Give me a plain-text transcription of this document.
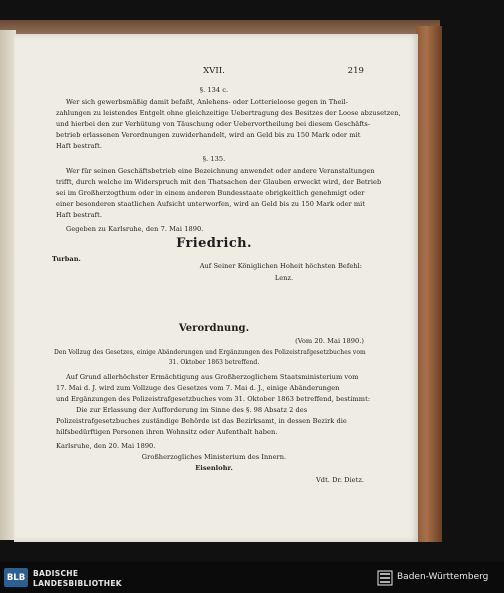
XVII.	219
§. 134 c.
Wer sich gewerbsmäßig damit befaßt, Anlehens- oder Lotterieloose gegen in Theil-
zahlungen zu leistendes Entgelt ohne gleichzeitige Uebertragung des Besitzes der Loose abzusetzen,
und hierbei den zur Verhütung von Täuschung oder Uebervortheilung bei diesem Geschäfts-
betrieb erlassenen Verordnungen zuwiderhandelt, wird an Geld bis zu 150 Mark oder mit
Haft bestraft.
§. 135.
Wer für seinen Geschäftsbetrieb eine Bezeichnung anwendet oder andere Veranstaltungen
trifft, durch welche im Widerspruch mit den Thatsachen der Glauben erweckt wird, der Betrieb
sei im Großherzogthum oder in einem anderen Bundesstaate obrigkeitlich genehmigt oder
einer besonderen staatlichen Aufsicht unterworfen, wird an Geld bis zu 150 Mark oder mit
Haft bestraft.
Gegeben zu Karlsruhe, den 7. Mai 1890.
Friedrich.
Turban.
Auf Seiner Königlichen Hoheit höchsten Befehl:
Lenz.
Verordnung.
(Vom 20. Mai 1890.)
Den Vollzug des Gesetzes, einige Abänderungen und Ergänzungen des Polizeistrafgesetzbuches vom
31. Oktober 1863 betreffend.
Auf Grund allerhöchster Ermächtigung aus Großherzoglichem Staatsministerium vom
17. Mai d. J. wird zum Vollzuge des Gesetzes vom 7. Mai d. J., einige Abänderungen
und Ergänzungen des Polizeistrafgesetzbuches vom 31. Oktober 1863 betreffend, bestimmt:
Die zur Erlassung der Aufforderung im Sinne des §. 98 Absatz 2 des
Polizeistrafgesetzbuches zuständige Behörde ist das Bezirksamt, in dessen Bezirk die
hilfsbedürftigen Personen ihren Wohnsitz oder Aufenthalt haben.
Karlsruhe, den 20. Mai 1890.
Großherzogliches Ministerium des Innern.
Eisenlohr.
Vdt. Dr. Dietz.
BLB	BADISCHE
LANDESBIBLIOTHEK
Baden-Württemberg
